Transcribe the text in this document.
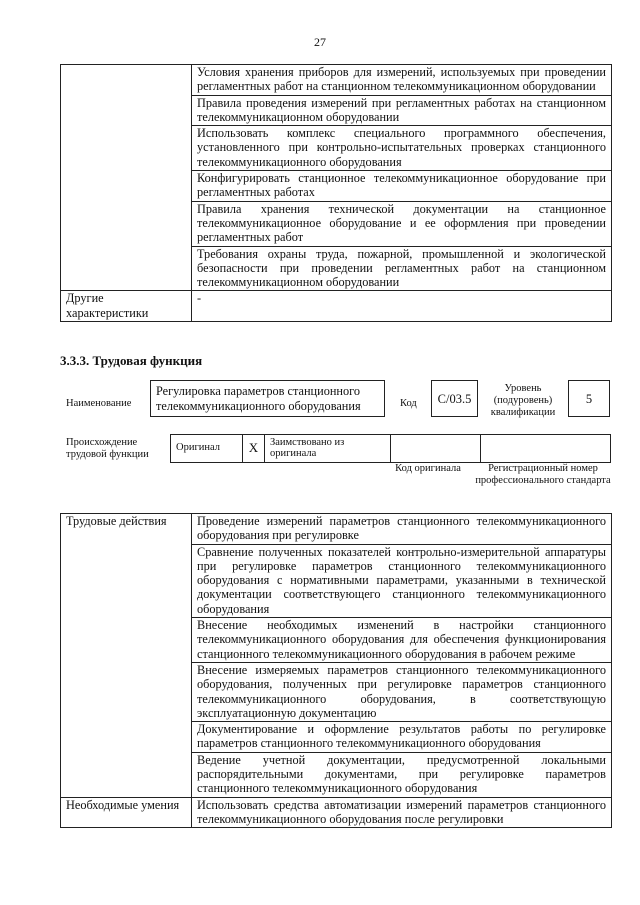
27
	Условия хранения приборов для измерений, используемых при проведении регламентных работ на станционном телекоммуникационном оборудовании
	Правила проведения измерений при регламентных работах на станционном телекоммуникационном оборудовании
	Использовать комплекс специального программного обеспечения, установленного при контрольно-испытательных проверках станционного телекоммуникационного оборудования
	Конфигурировать станционное телекоммуникационное оборудование при регламентных работах
	Правила хранения технической документации на станционное телекоммуникационное оборудование и ее оформления при проведении регламентных работ
	Требования охраны труда, пожарной, промышленной и экологической безопасности при проведении регламентных работ на станционном телекоммуникационном оборудовании
Другие характеристики	-
3.3.3. Трудовая функция
Наименование
Регулировка параметров станционного телекоммуникационного оборудования	Код	C/03.5
Уровень (подуровень) квалификации
5
Происхождение трудовой функции
Оригинал	X	Заимствовано из оригинала		
Код оригинала	Регистрационный номер профессионального стандарта
Трудовые действия	Проведение измерений параметров станционного телекоммуникационного оборудования при регулировке
	Сравнение полученных показателей контрольно-измерительной аппаратуры при регулировке параметров станционного телекоммуникационного оборудования с нормативными параметрами, указанными в технической документации соответствующего станционного телекоммуникационного оборудования
	Внесение необходимых изменений в настройки станционного телекоммуникационного оборудования для обеспечения функционирования станционного телекоммуникационного оборудования в рабочем режиме
	Внесение измеряемых параметров станционного телекоммуникационного оборудования, полученных при регулировке параметров станционного телекоммуникационного оборудования, в соответствующую эксплуатационную документацию
	Документирование и оформление результатов работы по регулировке параметров станционного телекоммуникационного оборудования
	Ведение учетной документации, предусмотренной локальными распорядительными документами, при регулировке параметров станционного телекоммуникационного оборудования
Необходимые умения	Использовать средства автоматизации измерений параметров станционного телекоммуникационного оборудования после регулировки
